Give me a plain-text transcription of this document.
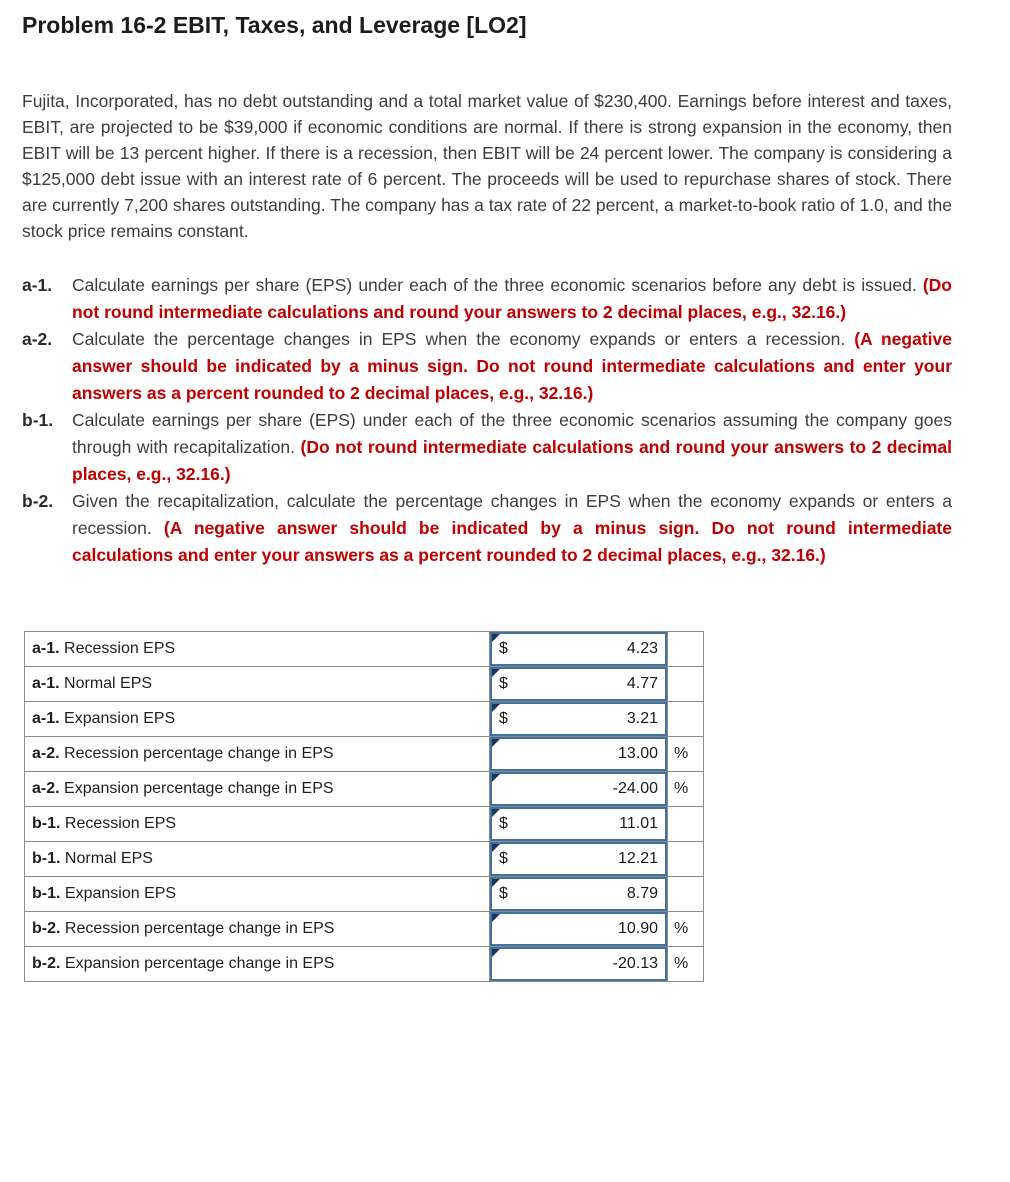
Problem 16-2 EBIT, Taxes, and Leverage [LO2]

Fujita, Incorporated, has no debt outstanding and a total market value of $230,400. Earnings before interest and taxes, EBIT, are projected to be $39,000 if economic conditions are normal. If there is strong expansion in the economy, then EBIT will be 13 percent higher. If there is a recession, then EBIT will be 24 percent lower. The company is considering a $125,000 debt issue with an interest rate of 6 percent. The proceeds will be used to repurchase shares of stock. There are currently 7,200 shares outstanding. The company has a tax rate of 22 percent, a market-to-book ratio of 1.0, and the stock price remains constant.

a-1.	Calculate earnings per share (EPS) under each of the three economic scenarios before any debt is issued. (Do not round intermediate calculations and round your answers to 2 decimal places, e.g., 32.16.)
a-2.	Calculate the percentage changes in EPS when the economy expands or enters a recession. (A negative answer should be indicated by a minus sign. Do not round intermediate calculations and enter your answers as a percent rounded to 2 decimal places, e.g., 32.16.)
b-1.	Calculate earnings per share (EPS) under each of the three economic scenarios assuming the company goes through with recapitalization. (Do not round intermediate calculations and round your answers to 2 decimal places, e.g., 32.16.)
b-2.	Given the recapitalization, calculate the percentage changes in EPS when the economy expands or enters a recession. (A negative answer should be indicated by a minus sign. Do not round intermediate calculations and enter your answers as a percent rounded to 2 decimal places, e.g., 32.16.)
a-1. Recession EPS	$ 4.23	

a-1. Normal EPS	$ 4.77	

a-1. Expansion EPS	$ 3.21	

a-2. Recession percentage change in EPS	13.00	%
a-2. Expansion percentage change in EPS	-24.00	%
b-1. Recession EPS	$ 11.01	

b-1. Normal EPS	$ 12.21	

b-1. Expansion EPS	$ 8.79	

b-2. Recession percentage change in EPS	10.90	%
b-2. Expansion percentage change in EPS	-20.13	%
